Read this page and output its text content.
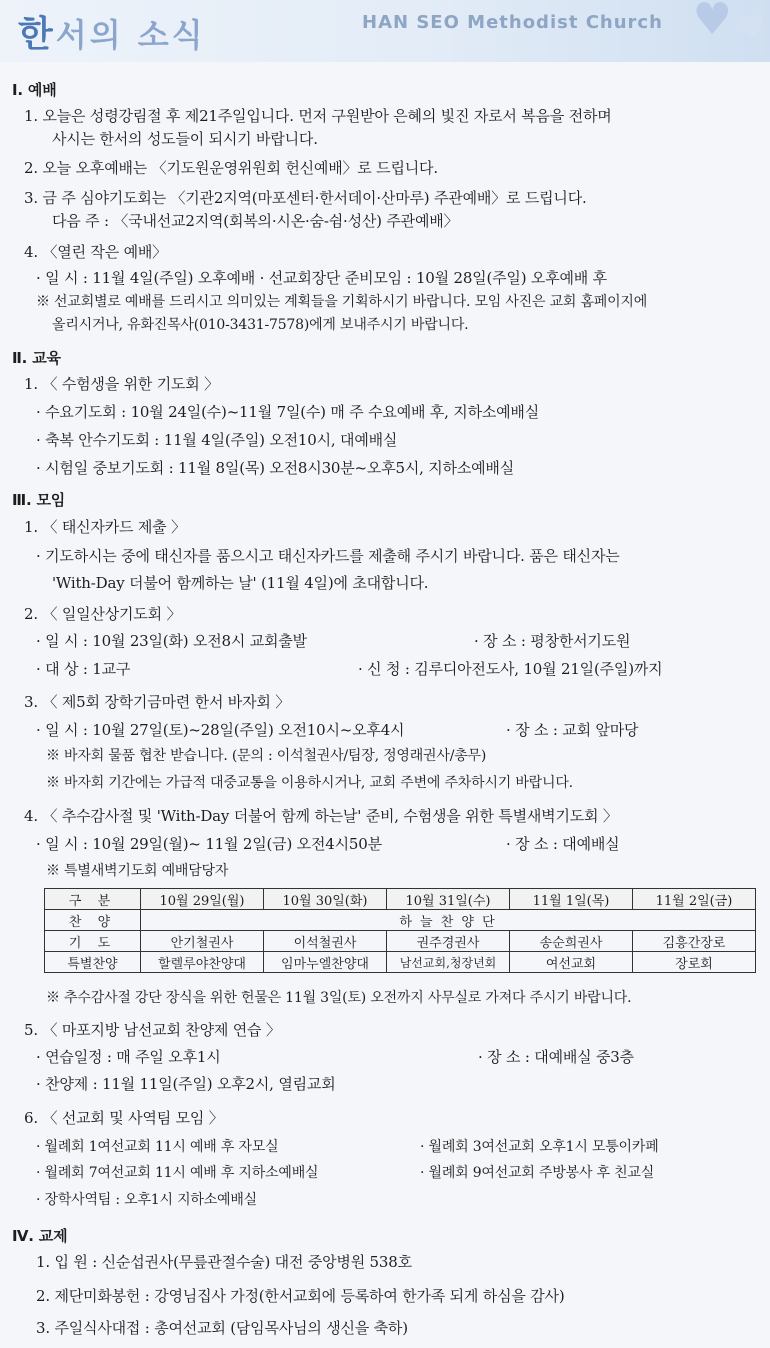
♥ ♥
한서의 소식	HAN SEO Methodist Church
Ⅰ. 예배
1. 오늘은 성령강림절 후 제21주일입니다. 먼저 구원받아 은혜의 빛진 자로서 복음을 전하며
사시는 한서의 성도들이 되시기 바랍니다.
2. 오늘 오후예배는 〈기도원운영위원회 헌신예배〉로 드립니다.
3. 금 주 심야기도회는 〈기관2지역(마포센터·한서데이·산마루) 주관예배〉로 드립니다.
다음 주 : 〈국내선교2지역(회복의·시온·숨-쉼·성산) 주관예배〉
4. 〈열린 작은 예배〉
· 일 시 : 11월 4일(주일) 오후예배 · 선교회장단 준비모임 : 10월 28일(주일) 오후예배 후
※ 선교회별로 예배를 드리시고 의미있는 계획들을 기획하시기 바랍니다. 모임 사진은 교회 홈페이지에
올리시거나, 유화진목사(010-3431-7578)에게 보내주시기 바랍니다.
Ⅱ. 교육
1. 〈 수험생을 위한 기도회 〉
· 수요기도회 : 10월 24일(수)~11월 7일(수) 매 주 수요예배 후, 지하소예배실
· 축복 안수기도회 : 11월 4일(주일) 오전10시, 대예배실
· 시험일 중보기도회 : 11월 8일(목) 오전8시30분~오후5시, 지하소예배실
Ⅲ. 모임
1. 〈 태신자카드 제출 〉
· 기도하시는 중에 태신자를 품으시고 태신자카드를 제출해 주시기 바랍니다. 품은 태신자는
'With-Day 더불어 함께하는 날' (11월 4일)에 초대합니다.
2. 〈 일일산상기도회 〉
· 일 시 : 10월 23일(화) 오전8시 교회출발	· 장 소 : 평창한서기도원
· 대 상 : 1교구	· 신 청 : 김루디아전도사, 10월 21일(주일)까지
3. 〈 제5회 장학기금마련 한서 바자회 〉
· 일 시 : 10월 27일(토)~28일(주일) 오전10시~오후4시	· 장 소 : 교회 앞마당
※ 바자회 물품 협찬 받습니다. (문의 : 이석철권사/팀장, 정영래권사/총무)
※ 바자회 기간에는 가급적 대중교통을 이용하시거나, 교회 주변에 주차하시기 바랍니다.
4. 〈 추수감사절 및 'With-Day 더불어 함께 하는날' 준비, 수험생을 위한 특별새벽기도회 〉
· 일 시 : 10월 29일(월)~ 11월 2일(금) 오전4시50분	· 장 소 : 대예배실
※ 특별새벽기도회 예배담당자
※ 추수감사절 강단 장식을 위한 헌물은 11월 3일(토) 오전까지 사무실로 가져다 주시기 바랍니다.
5. 〈 마포지방 남선교회 찬양제 연습 〉
· 연습일정 : 매 주일 오후1시	· 장 소 : 대예배실 중3층
· 찬양제 : 11월 11일(주일) 오후2시, 열림교회
6. 〈 선교회 및 사역팀 모임 〉
· 월례회 1여선교회 11시 예배 후 자모실	· 월례회 3여선교회 오후1시 모퉁이카페
· 월례회 7여선교회 11시 예배 후 지하소예배실	· 월례회 9여선교회 주방봉사 후 친교실
· 장학사역팀 : 오후1시 지하소예배실
Ⅳ. 교제
1. 입 원 : 신순섭권사(무릎관절수술) 대전 중앙병원 538호
2. 제단미화봉헌 : 강영님집사 가정(한서교회에 등록하여 한가족 되게 하심을 감사)
3. 주일식사대접 : 총여선교회 (담임목사님의 생신을 축하)
구 분	10월 29일(월)	10월 30일(화)	10월 31일(수)	11월 1일(목)	11월 2일(금)
찬 양	하 늘 찬 양 단				
기 도	안기철권사	이석철권사	권주경권사	송순희권사	김흥간장로
특별찬양	할렐루야찬양대	임마누엘찬양대	남선교회,청장년회	여선교회	장로회
